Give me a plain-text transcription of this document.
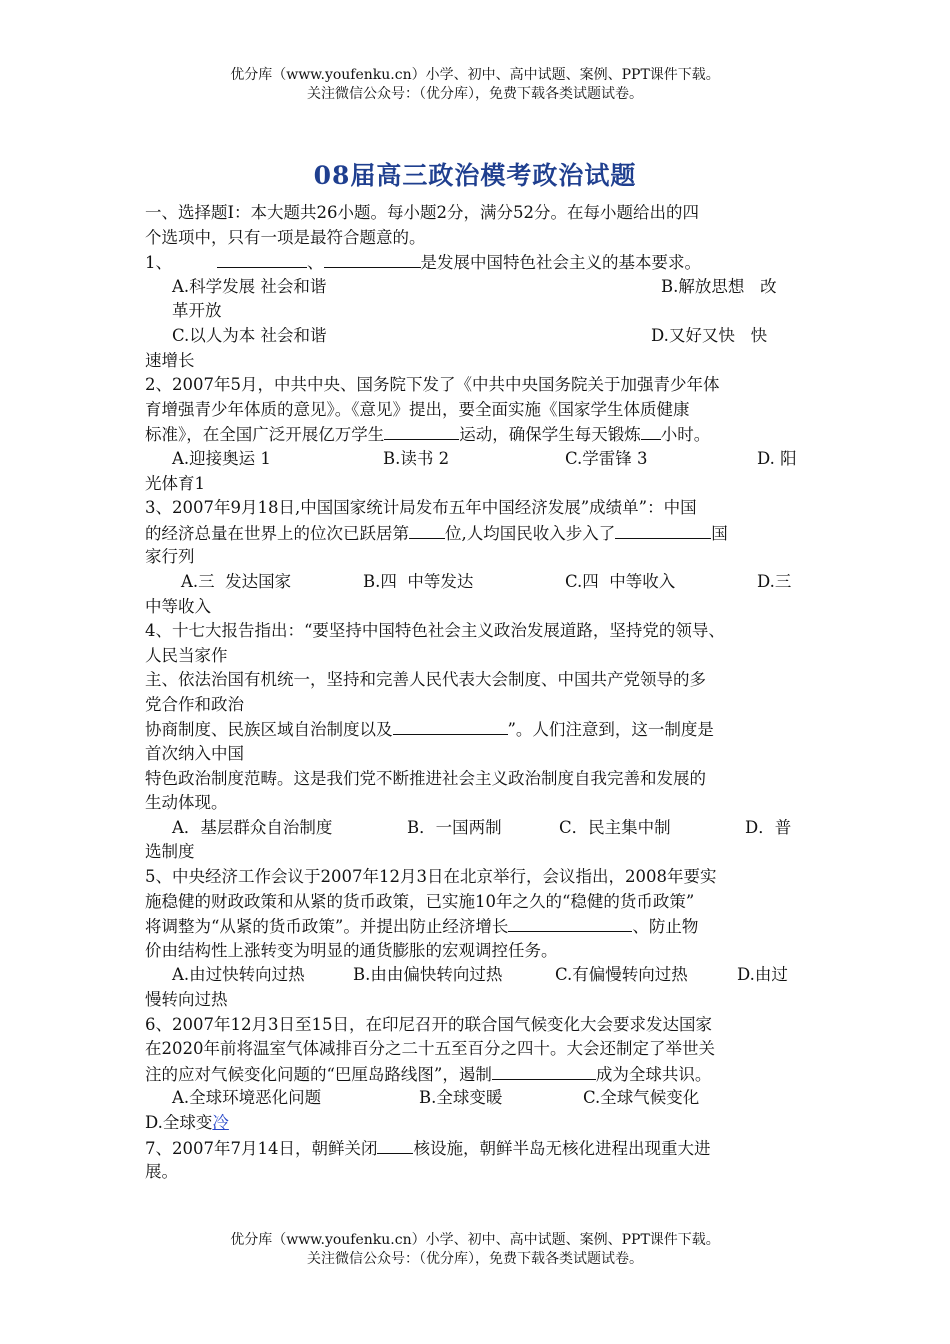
优分库（www.youfenku.cn）小学、初中、高中试题、案例、PPT课件下载。
关注微信公众号：（优分库），免费下载各类试题试卷。
08届高三政治模考政治试题
一、选择题Ⅰ：本大题共26小题。每小题2分，满分52分。在每小题给出的四
个选项中，只有一项是最符合题意的。
1、	、	是发展中国特色社会主义的基本要求。
A.科学发展 社会和谐	B.解放思想   改
革开放
C.以人为本 社会和谐	D.又好又快   快
速增长
2、2007年5月，中共中央、国务院下发了《中共中央国务院关于加强青少年体
育增强青少年体质的意见》。《意见》提出，要全面实施《国家学生体质健康
标准》，在全国广泛开展亿万学生	运动，确保学生每天锻炼 小时。
A.迎接奥运 1	B.读书 2	C.学雷锋 3	D. 阳
光体育1
3、2007年9月18日,中国国家统计局发布五年中国经济发展”成绩单”：中国
的经济总量在世界上的位次已跃居第 位,人均国民收入步入了	国
家行列
A.三  发达国家	B.四  中等发达	C.四  中等收入	D.三
中等收入
4、十七大报告指出：“要坚持中国特色社会主义政治发展道路，坚持党的领导、
人民当家作
主、依法治国有机统一，坚持和完善人民代表大会制度、中国共产党领导的多
党合作和政治
协商制度、民族区域自治制度以及	”。人们注意到，这一制度是
首次纳入中国
特色政治制度范畴。这是我们党不断推进社会主义政治制度自我完善和发展的
生动体现。
A．基层群众自治制度	B．一国两制	C．民主集中制	D．普
选制度
5、中央经济工作会议于2007年12月3日在北京举行，会议指出，2008年要实
施稳健的财政政策和从紧的货币政策，已实施10年之久的“稳健的货币政策”
将调整为“从紧的货币政策”。并提出防止经济增长	、防止物
价由结构性上涨转变为明显的通货膨胀的宏观调控任务。
A.由过快转向过热	B.由由偏快转向过热	C.有偏慢转向过热	D.由过
慢转向过热
6、2007年12月3日至15日，在印尼召开的联合国气候变化大会要求发达国家
在2020年前将温室气体减排百分之二十五至百分之四十。大会还制定了举世关
注的应对气候变化问题的“巴厘岛路线图”，遏制	成为全球共识。
A.全球环境恶化问题	B.全球变暖	C.全球气候变化
D.全球变冷
7、2007年7月14日，朝鲜关闭 核设施，朝鲜半岛无核化进程出现重大进
展。
优分库（www.youfenku.cn）小学、初中、高中试题、案例、PPT课件下载。
关注微信公众号：（优分库），免费下载各类试题试卷。
